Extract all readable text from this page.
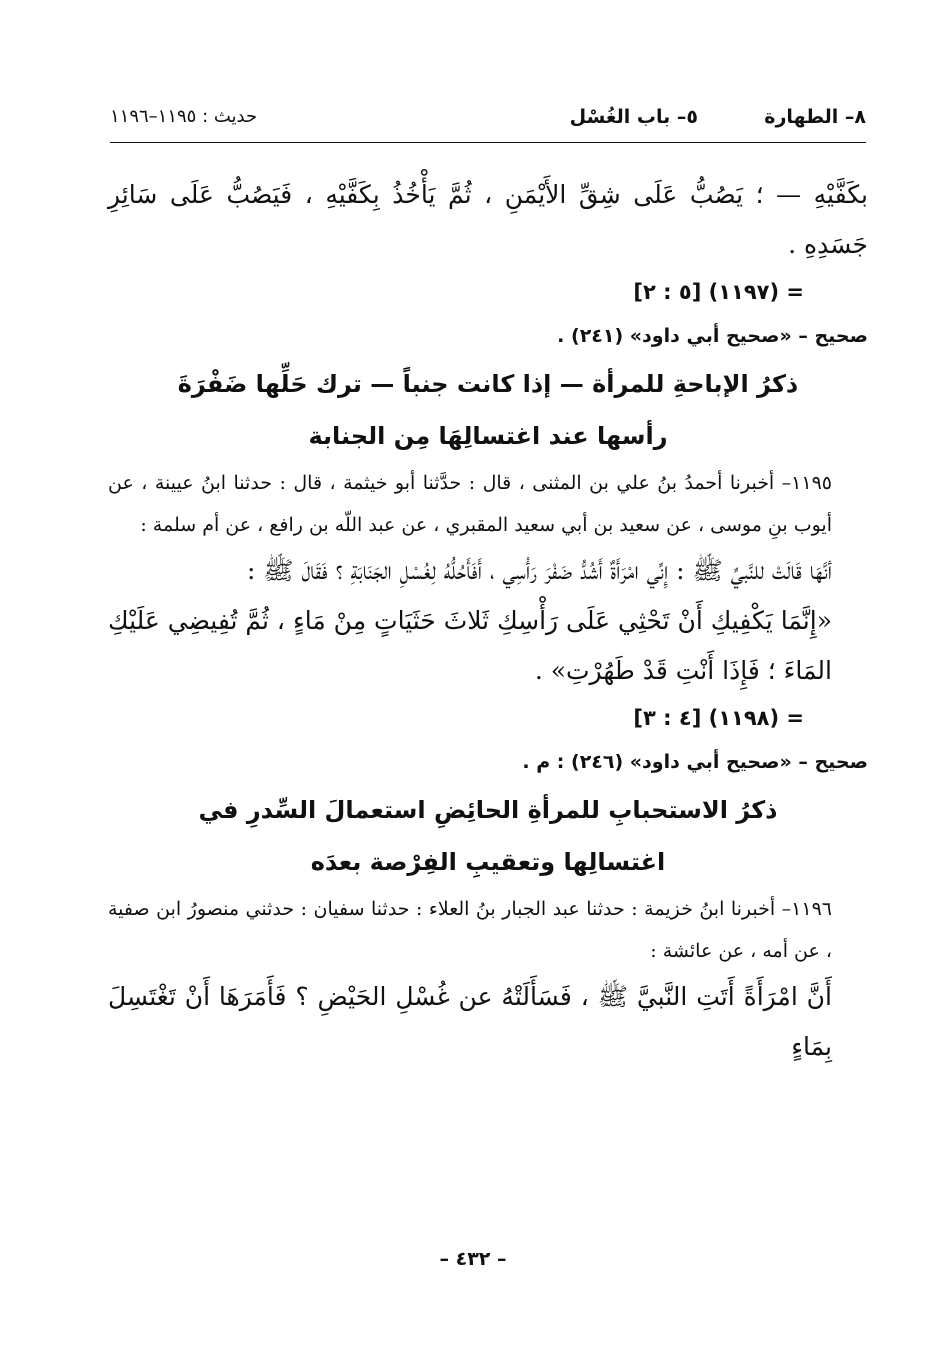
٨– الطهارة
٥– باب الغُسْل
حديث : ١١٩٥–١١٩٦

بكَفَّيْهِ — ؛ يَصُبُّ عَلَى شِقِّ الأَيْمَنِ ، ثُمَّ يَأْخُذُ بِكَفَّيْهِ ، فَيَصُبُّ عَلَى سَائِرِ جَسَدِهِ .

= (١١٩٧) [٥ : ٢]

صحيح – «صحيح أبي داود» (٢٤١) .

ذكرُ الإباحةِ للمرأة — إذا كانت جنباً — ترك حَلِّها ضَفْرَةَ

رأسها عند اغتسالِهَا مِن الجنابة

١١٩٥– أخبرنا أحمدُ بنُ علي بن المثنى ، قال : حدَّثنا أبو خيثمة ، قال : حدثنا ابنُ عيينة ، عن أيوب بنِ موسى ، عن سعيد بن أبي سعيد المقبري ، عن عبد اللّه بن رافع ، عن أم سلمة :

أنَّهَا قَالَتْ للنَّبيِّ ﷺ : إِنِّي امْرَأَةٌ أَشُدُّ ضَفْرَ رَأْسِي ، أَفَأَحُلُّهُ لِغُسْلِ الجَنَابَةِ ؟ فَقَالَ ﷺ :

«إِنَّمَا يَكْفِيكِ أَنْ تَحْثِي عَلَى رَأْسِكِ ثَلاثَ حَثَيَاتٍ مِنْ مَاءٍ ، ثُمَّ تُفِيضِي عَلَيْكِ المَاءَ ؛ فَإِذَا أَنْتِ قَدْ طَهُرْتِ» .

= (١١٩٨) [٤ : ٣]

صحيح – «صحيح أبي داود» (٢٤٦) : م .

ذكرُ الاستحبابِ للمرأةِ الحائِضِ استعمالَ السِّدرِ في

اغتسالِها وتعقيبِ الفِرْصة بعدَه

١١٩٦– أخبرنا ابنُ خزيمة : حدثنا عبد الجبار بنُ العلاء : حدثنا سفيان : حدثني منصورُ ابن صفية ، عن أمه ، عن عائشة :

أَنَّ امْرَأَةً أَتَتِ النَّبيَّ ﷺ ، فَسَأَلَتْهُ عن غُسْلِ الحَيْضِ ؟ فَأَمَرَهَا أَنْ تَغْتَسِلَ بِمَاءٍ

– ٤٣٢ –
